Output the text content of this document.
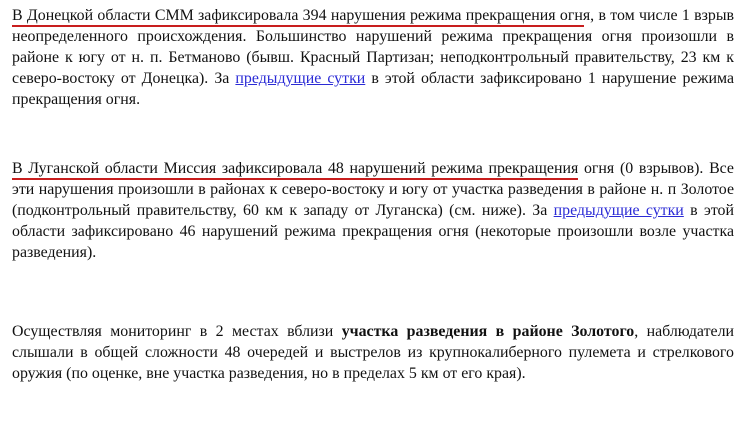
В Донецкой области СММ зафиксировала 394 нарушения режима прекращения огня, в том числе 1 взрыв неопределенного происхождения. Большинство нарушений режима прекращения огня произошли в районе к югу от н. п. Бетманово (бывш. Красный Партизан; неподконтрольный правительству, 23 км к северо-востоку от Донецка). За предыдущие сутки в этой области зафиксировано 1 нарушение режима прекращения огня.

В Луганской области Миссия зафиксировала 48 нарушений режима прекращения огня (0 взрывов). Все эти нарушения произошли в районах к северо-востоку и югу от участка разведения в районе н. п Золотое (подконтрольный правительству, 60 км к западу от Луганска) (см. ниже). За предыдущие сутки в этой области зафиксировано 46 нарушений режима прекращения огня (некоторые произошли возле участка разведения).

Осуществляя мониторинг в 2 местах вблизи участка разведения в районе Золотого, наблюдатели слышали в общей сложности 48 очередей и выстрелов из крупнокалиберного пулемета и стрелкового оружия (по оценке, вне участка разведения, но в пределах 5 км от его края).
